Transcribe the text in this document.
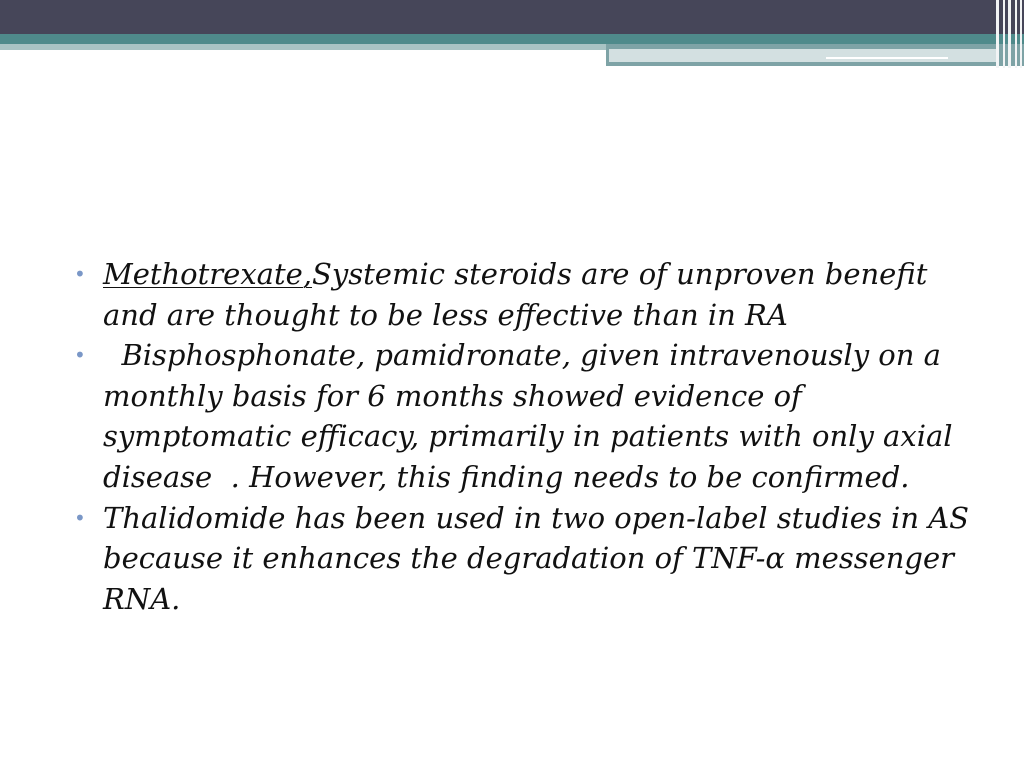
• Methotrexate,Systemic steroids are of unproven benefit and are thought to be less effective than in RA
• Bisphosphonate, pamidronate, given intravenously on a monthly basis for 6 months showed evidence of symptomatic efficacy, primarily in patients with only axial disease  . However, this finding needs to be confirmed.
• Thalidomide has been used in two open-label studies in AS because it enhances the degradation of TNF-α messenger RNA.
